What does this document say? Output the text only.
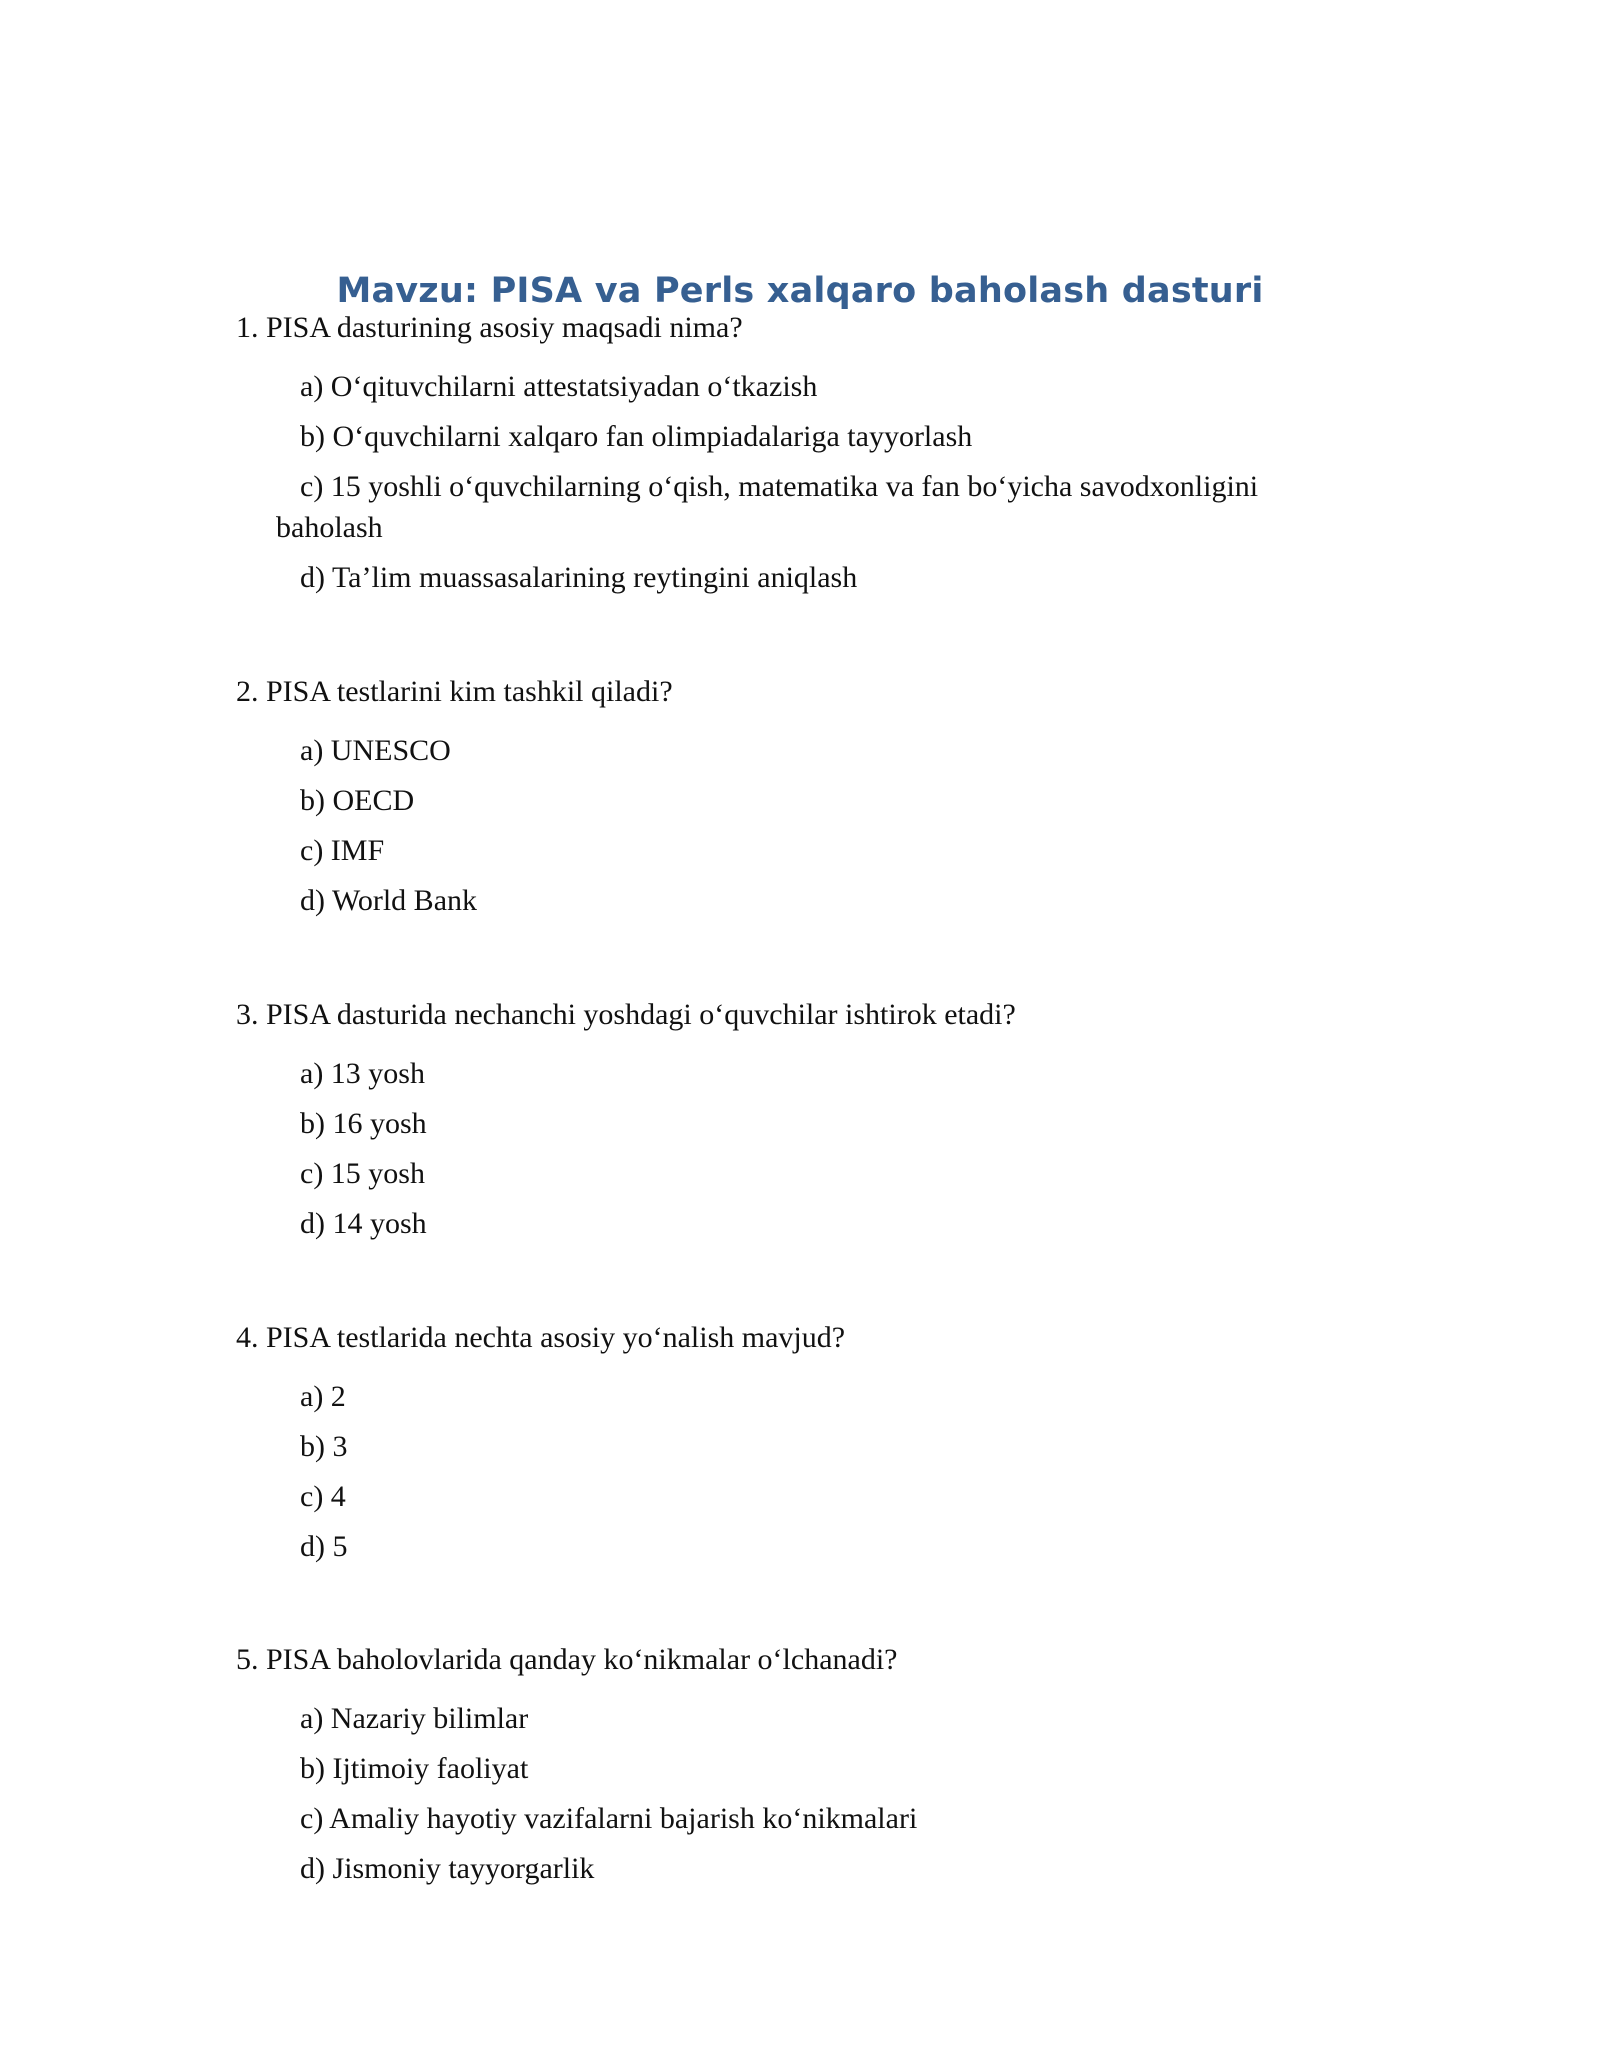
Mavzu: PISA va Perls xalqaro baholash dasturi

1. PISA dasturining asosiy maqsadi nima?

a) O‘qituvchilarni attestatsiyadan o‘tkazish

b) O‘quvchilarni xalqaro fan olimpiadalariga tayyorlash

c) 15 yoshli o‘quvchilarning o‘qish, matematika va fan bo‘yicha savodxonligini baholash

d) Ta’lim muassasalarining reytingini aniqlash

2. PISA testlarini kim tashkil qiladi?

a) UNESCO

b) OECD

c) IMF

d) World Bank

3. PISA dasturida nechanchi yoshdagi o‘quvchilar ishtirok etadi?

a) 13 yosh

b) 16 yosh

c) 15 yosh

d) 14 yosh

4. PISA testlarida nechta asosiy yo‘nalish mavjud?

a) 2

b) 3

c) 4

d) 5

5. PISA baholovlarida qanday ko‘nikmalar o‘lchanadi?

a) Nazariy bilimlar

b) Ijtimoiy faoliyat

c) Amaliy hayotiy vazifalarni bajarish ko‘nikmalari

d) Jismoniy tayyorgarlik
